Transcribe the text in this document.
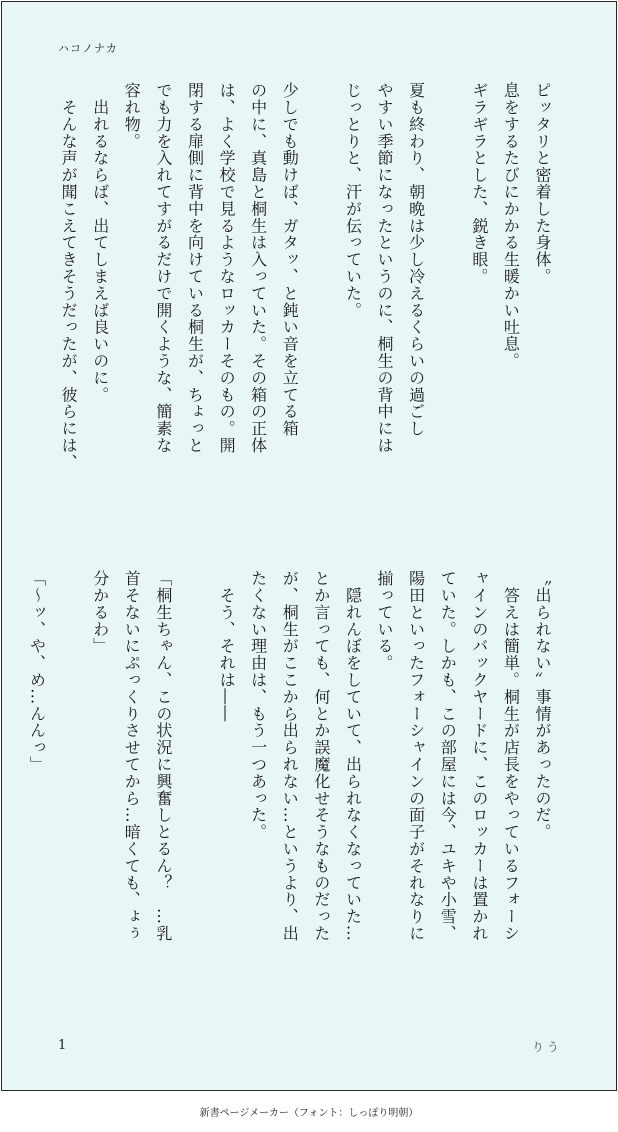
ハコノナカ
ピッタリと密着した身体。
息をするたびにかかる生暖かい吐息。
ギラギラとした、鋭き眼。

夏も終わり、朝晩は少し冷えるくらいの過ごし
やすい季節になったというのに、桐生の背中には
じっとりと、汗が伝っていた。

少しでも動けば、ガタッ、と鈍い音を立てる箱
の中に、真島と桐生は入っていた。その箱の正体
は、よく学校で見るようなロッカーそのもの。開
閉する扉側に背中を向けている桐生が、ちょっと
でも力を入れてすがるだけで開くような、簡素な
容れ物。
　出れるならば、出てしまえば良いのに。
　そんな声が聞こえてきそうだったが、彼らには、
〝出られない〟事情があったのだ。
　答えは簡単。桐生が店長をやっているフォーシ
ャインのバックヤードに、このロッカーは置かれ
ていた。しかも、この部屋には今、ユキや小雪、
陽田といったフォーシャインの面子がそれなりに
揃っている。
　隠れんぼをしていて、出られなくなっていた…
とか言っても、何とか誤魔化せそうなものだった
が、桐生がここから出られない…というより、出
たくない理由は、もう一つあった。
　そう、それは――

「桐生ちゃん、この状況に興奮しとるん？　…乳
首そないにぷっくりさせてから…暗くても、ょぅ
分かるわ」

「～ッ、や、め…んんっ」
1	りう
新書ページメーカー（フォント：しっぽり明朝）
